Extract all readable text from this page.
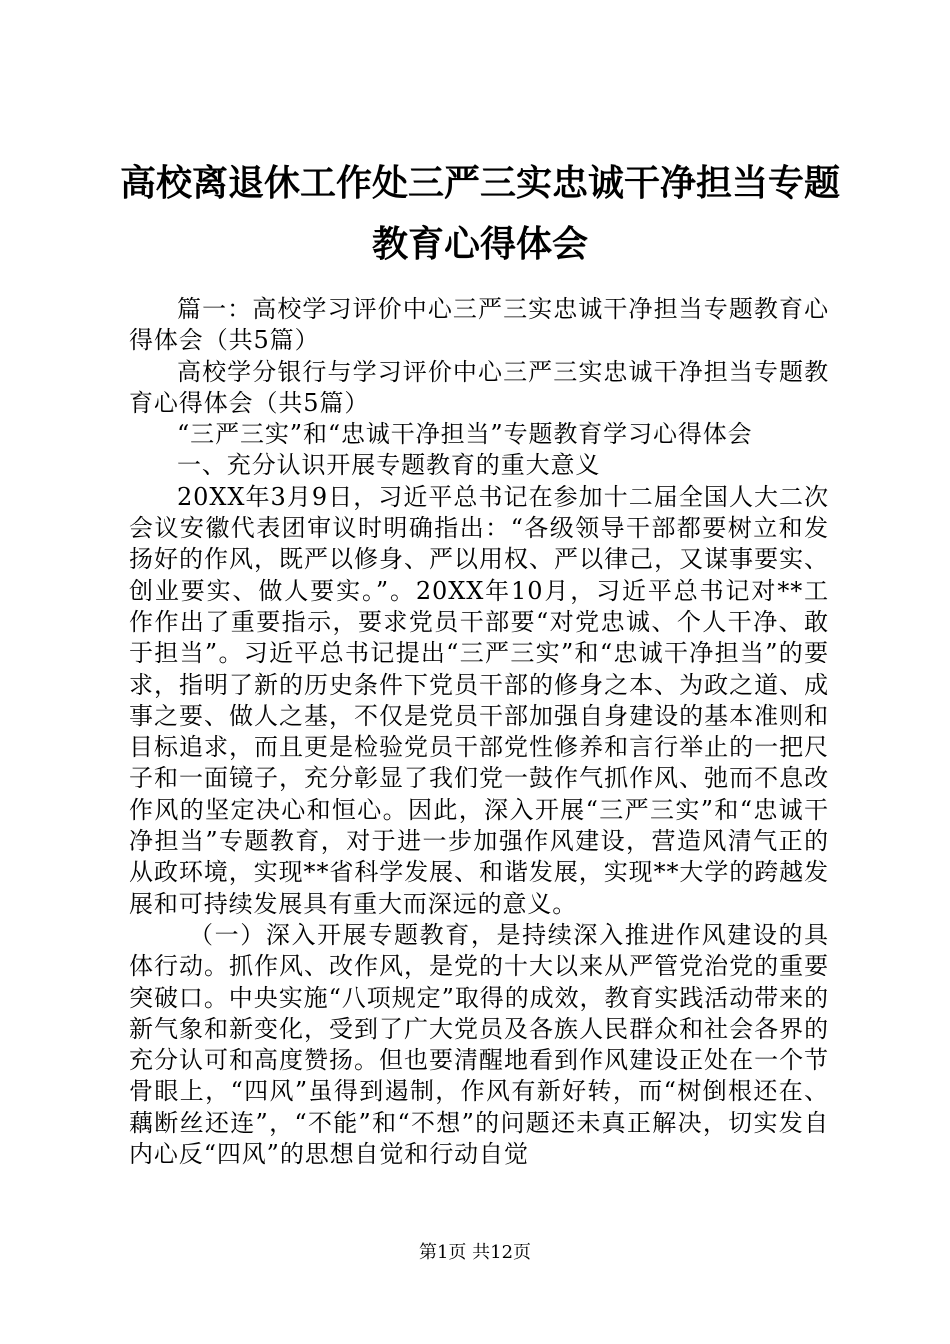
高校离退休工作处三严三实忠诚干净担当专题
教育心得体会

篇一：高校学习评价中心三严三实忠诚干净担当专题教育心得体会（共5篇）

高校学分银行与学习评价中心三严三实忠诚干净担当专题教育心得体会（共5篇）

“三严三实”和“忠诚干净担当”专题教育学习心得体会

一、充分认识开展专题教育的重大意义

20XX年3月9日，习近平总书记在参加十二届全国人大二次会议安徽代表团审议时明确指出：“各级领导干部都要树立和发扬好的作风，既严以修身、严以用权、严以律己，又谋事要实、创业要实、做人要实。”。20XX年10月，习近平总书记对**工作作出了重要指示，要求党员干部要“对党忠诚、个人干净、敢于担当”。习近平总书记提出“三严三实”和“忠诚干净担当”的要求，指明了新的历史条件下党员干部的修身之本、为政之道、成事之要、做人之基，不仅是党员干部加强自身建设的基本准则和目标追求，而且更是检验党员干部党性修养和言行举止的一把尺子和一面镜子，充分彰显了我们党一鼓作气抓作风、弛而不息改作风的坚定决心和恒心。因此，深入开展“三严三实”和“忠诚干净担当”专题教育，对于进一步加强作风建设，营造风清气正的从政环境，实现**省科学发展、和谐发展，实现**大学的跨越发展和可持续发展具有重大而深远的意义。

（一）深入开展专题教育，是持续深入推进作风建设的具体行动。抓作风、改作风，是党的十大以来从严管党治党的重要突破口。中央实施“八项规定”取得的成效，教育实践活动带来的新气象和新变化，受到了广大党员及各族人民群众和社会各界的充分认可和高度赞扬。但也要清醒地看到作风建设正处在一个节骨眼上，“四风”虽得到遏制，作风有新好转，而“树倒根还在、藕断丝还连”，“不能”和“不想”的问题还未真正解决，切实发自内心反“四风”的思想自觉和行动自觉

第1页 共12页
